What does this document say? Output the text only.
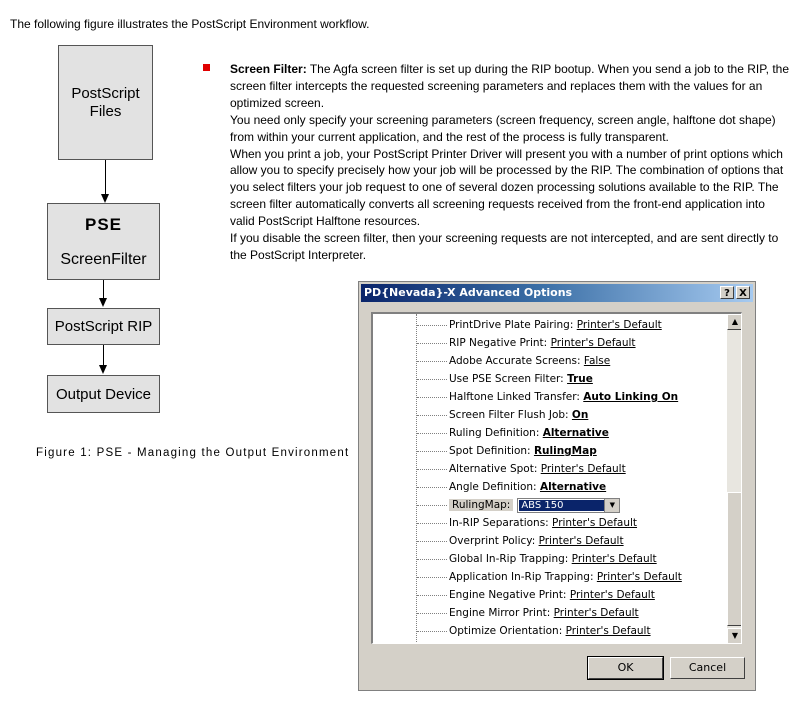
The following figure illustrates the PostScript Environment workflow.
PostScript
Files
PSE
ScreenFilter
PostScript RIP
Output Device
Figure 1: PSE - Managing the Output Environment

Screen Filter: The Agfa screen filter is set up during the RIP bootup. When you send a job to the RIP, the screen filter intercepts the requested screening parameters and replaces them with the values for an optimized screen.

You need only specify your screening parameters (screen frequency, screen angle, halftone dot shape) from within your current application, and the rest of the process is fully transparent.

When you print a job, your PostScript Printer Driver will present you with a number of print options which allow you to specify precisely how your job will be processed by the RIP. The combination of options that you select filters your job request to one of several dozen processing solutions available to the RIP. The screen filter automatically converts all screening requests received from the front-end application into valid PostScript Halftone resources.

If you disable the screen filter, then your screening requests are not intercepted, and are sent directly to the PostScript Interpreter.

PD{Nevada}-X Advanced Options	? X
PrintDrive Plate Pairing: Printer's Default
RIP Negative Print: Printer's Default
Adobe Accurate Screens: False
Use PSE Screen Filter: True
Halftone Linked Transfer: Auto Linking On
Screen Filter Flush Job: On
Ruling Definition: Alternative
Spot Definition: RulingMap
Alternative Spot: Printer's Default
Angle Definition: Alternative
RulingMap: ABS 150	▼
In-RIP Separations: Printer's Default
Overprint Policy: Printer's Default
Global In-Rip Trapping: Printer's Default
Application In-Rip Trapping: Printer's Default
Engine Negative Print: Printer's Default
Engine Mirror Print: Printer's Default
Optimize Orientation: Printer's Default
▲
▼
OK	Cancel
